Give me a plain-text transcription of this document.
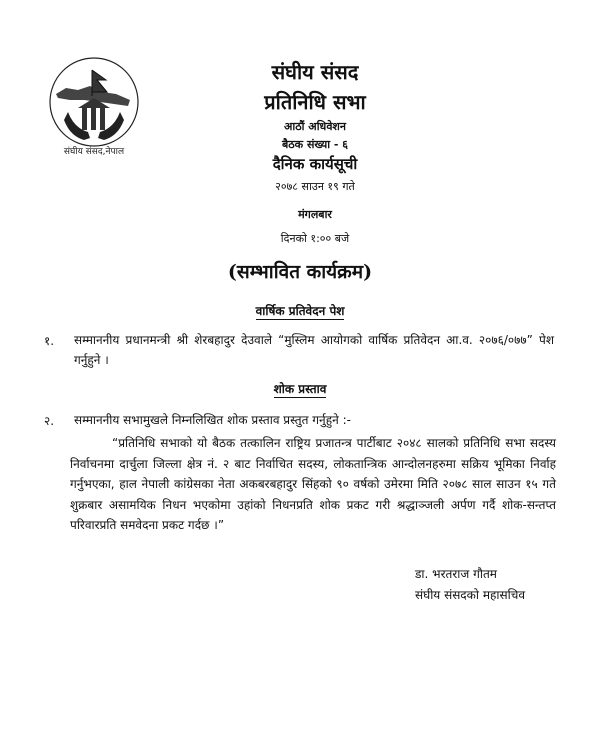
संघीय संसद,नेपाल
संघीय संसद
प्रतिनिधि सभा
आठौं अधिवेशन
बैठक संख्या - ६
दैनिक कार्यसूची
२०७८ साउन १९ गते
मंगलबार
दिनको १:०० बजे
(सम्भावित कार्यक्रम)
वार्षिक प्रतिवेदन पेश
१. सम्माननीय प्रधानमन्त्री श्री शेरबहादुर देउवाले “मुस्लिम आयोगको वार्षिक प्रतिवेदन आ.व. २०७६/०७७” पेश गर्नुहुने ।
शोक प्रस्ताव
२. सम्माननीय सभामुखले निम्नलिखित शोक प्रस्ताव प्रस्तुत गर्नुहुने :-
“प्रतिनिधि सभाको यो बैठक तत्कालिन राष्ट्रिय प्रजातन्त्र पार्टीबाट २०४८ सालको प्रतिनिधि सभा सदस्य निर्वाचनमा दार्चुला जिल्ला क्षेत्र नं. २ बाट निर्वाचित सदस्य, लोकतान्त्रिक आन्दोलनहरुमा सक्रिय भूमिका निर्वाह गर्नुभएका, हाल नेपाली कांग्रेसका नेता अकबरबहादुर सिंहको ९० वर्षको उमेरमा मिति २०७८ साल साउन १५ गते शुक्रबार असामयिक निधन भएकोमा उहांको निधनप्रति शोक प्रकट गरी श्रद्धाञ्जली अर्पण गर्दै शोक-सन्तप्त परिवारप्रति समवेदना प्रकट गर्दछ ।”
डा. भरतराज गौतम
संघीय संसदको महासचिव
